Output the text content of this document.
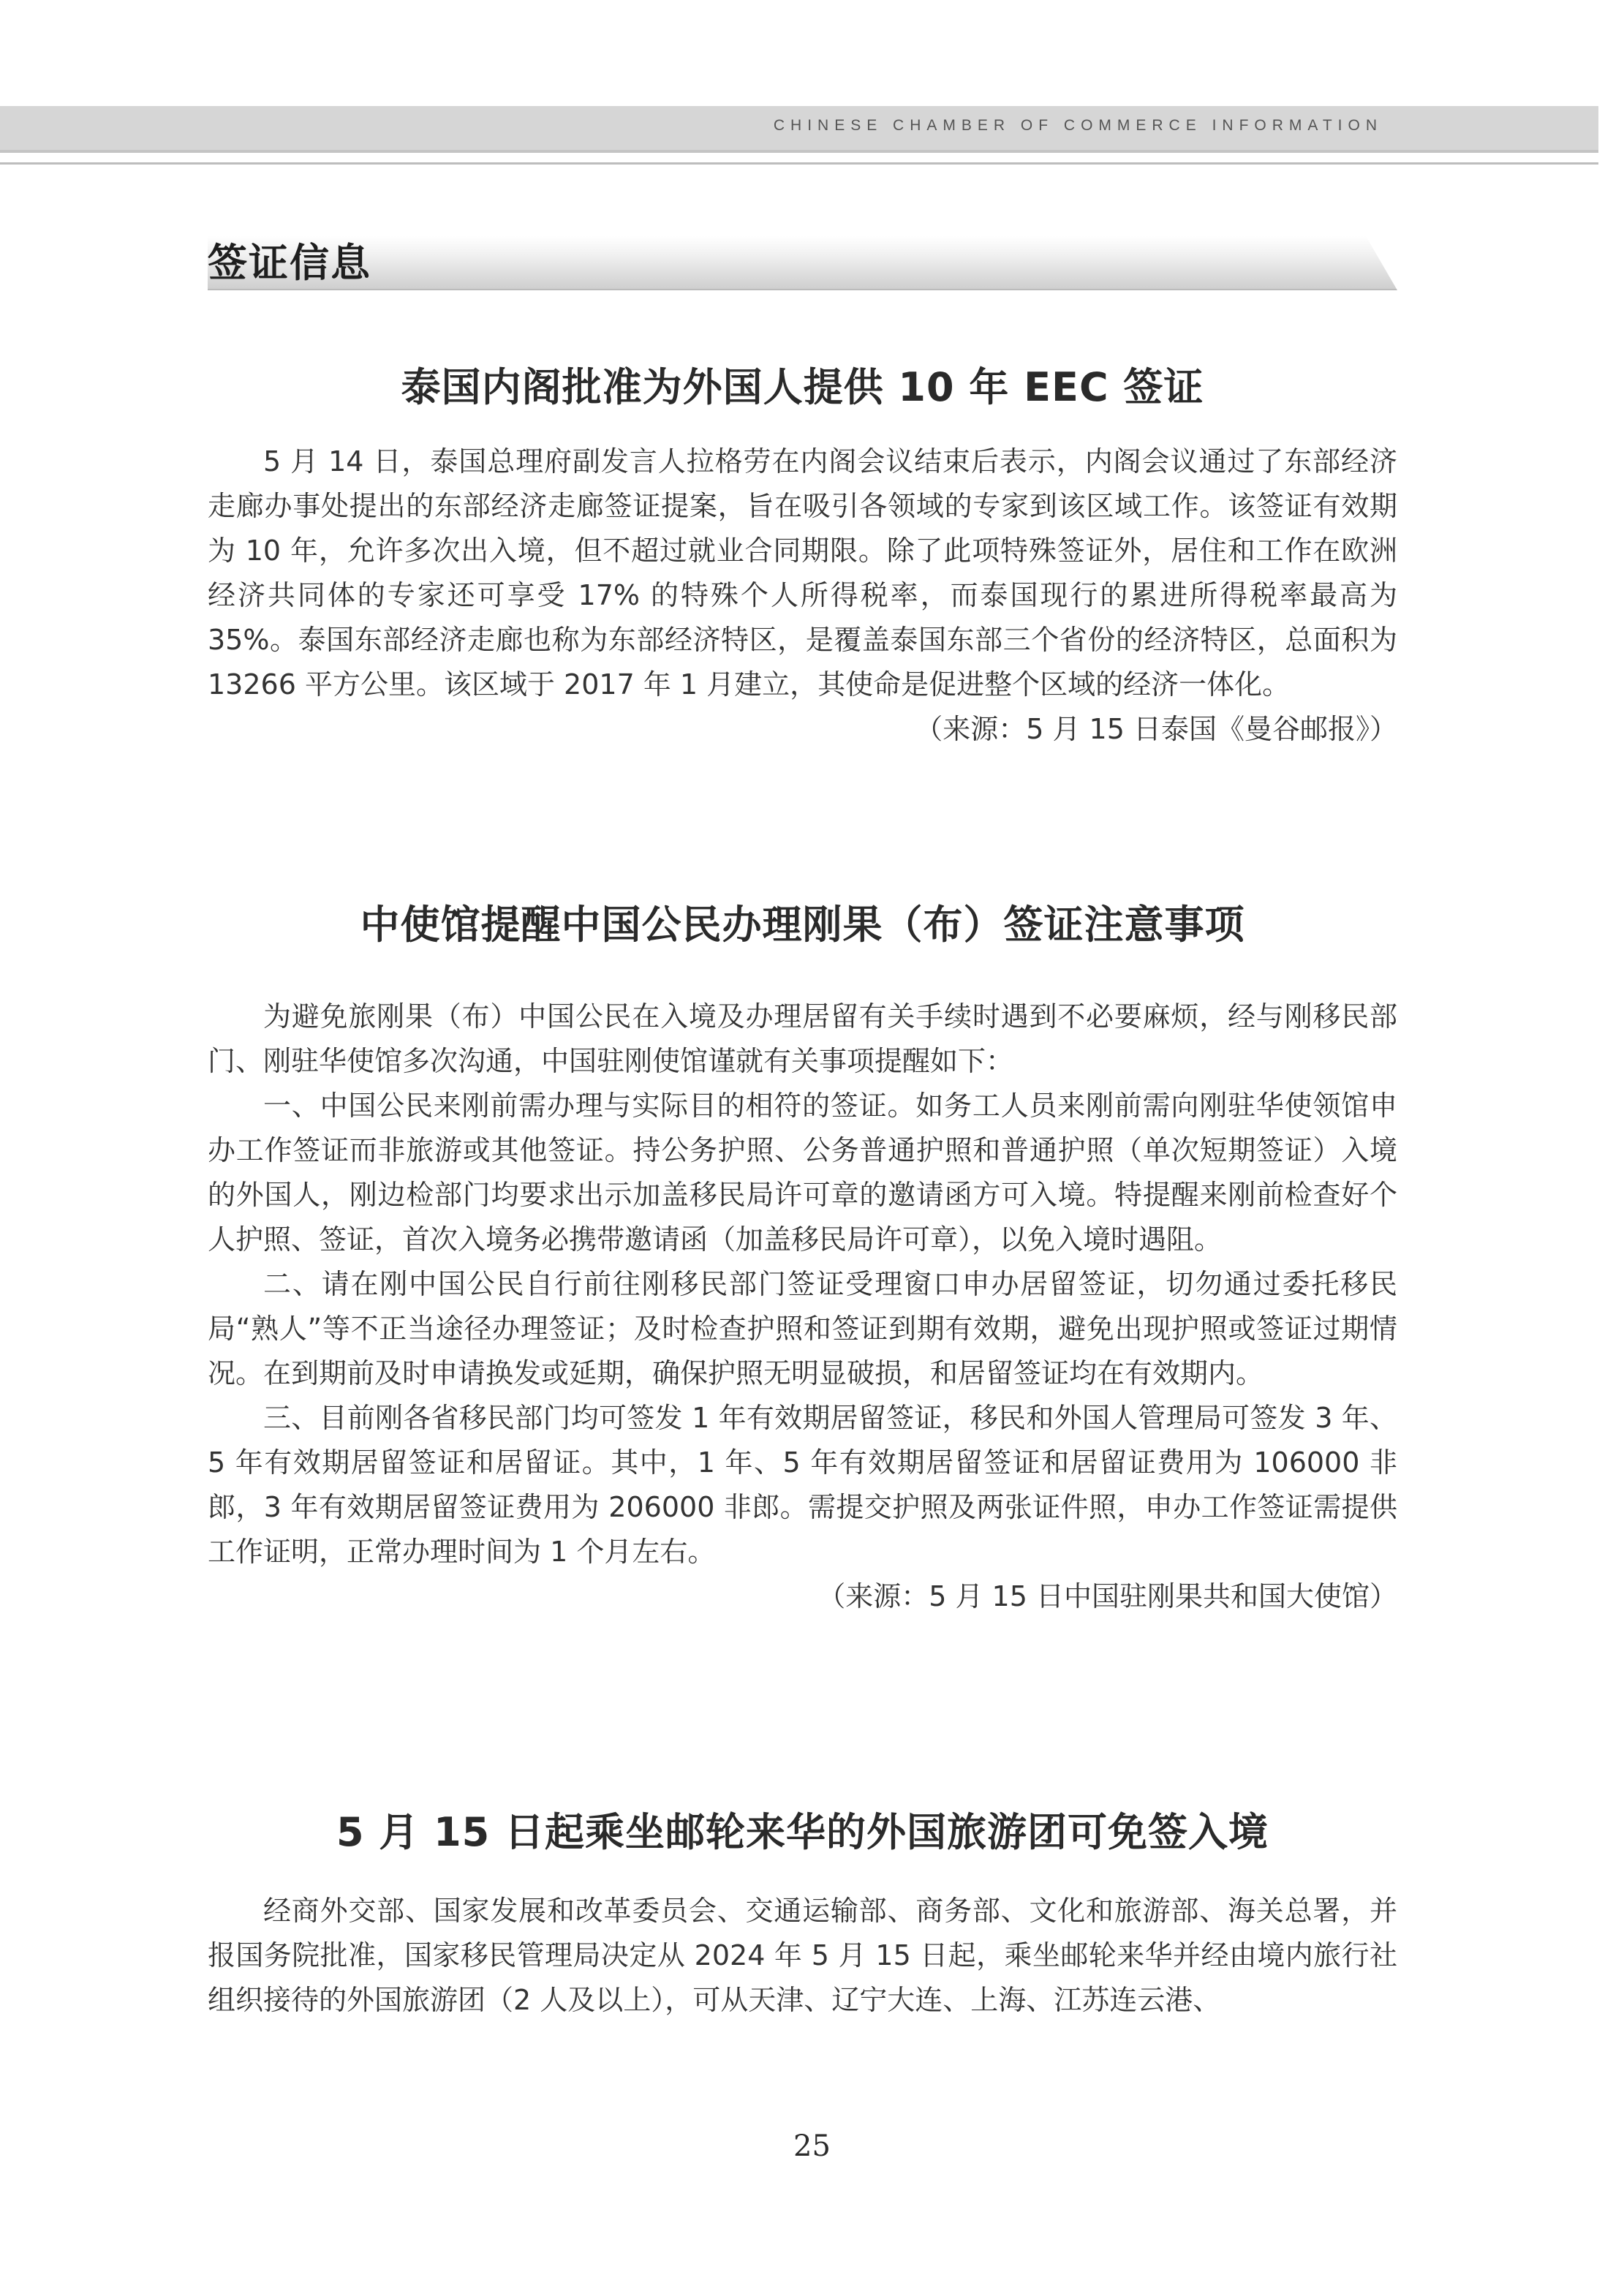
CHINESE CHAMBER OF COMMERCE INFORMATION
签证信息
泰国内阁批准为外国人提供 10 年 EEC 签证

5 月 14 日，泰国总理府副发言人拉格劳在内阁会议结束后表示，内阁会议通过了东部经济走廊办事处提出的东部经济走廊签证提案，旨在吸引各领域的专家到该区域工作。该签证有效期为 10 年，允许多次出入境，但不超过就业合同期限。除了此项特殊签证外，居住和工作在欧洲经济共同体的专家还可享受 17% 的特殊个人所得税率，而泰国现行的累进所得税率最高为 35%。泰国东部经济走廊也称为东部经济特区，是覆盖泰国东部三个省份的经济特区，总面积为 13266 平方公里。该区域于 2017 年 1 月建立，其使命是促进整个区域的经济一体化。

（来源：5 月 15 日泰国《曼谷邮报》）
中使馆提醒中国公民办理刚果（布）签证注意事项

为避免旅刚果（布）中国公民在入境及办理居留有关手续时遇到不必要麻烦，经与刚移民部门、刚驻华使馆多次沟通，中国驻刚使馆谨就有关事项提醒如下：

一、中国公民来刚前需办理与实际目的相符的签证。如务工人员来刚前需向刚驻华使领馆申办工作签证而非旅游或其他签证。持公务护照、公务普通护照和普通护照（单次短期签证）入境的外国人，刚边检部门均要求出示加盖移民局许可章的邀请函方可入境。特提醒来刚前检查好个人护照、签证，首次入境务必携带邀请函（加盖移民局许可章），以免入境时遇阻。

二、请在刚中国公民自行前往刚移民部门签证受理窗口申办居留签证，切勿通过委托移民局“熟人”等不正当途径办理签证；及时检查护照和签证到期有效期，避免出现护照或签证过期情况。在到期前及时申请换发或延期，确保护照无明显破损，和居留签证均在有效期内。

三、目前刚各省移民部门均可签发 1 年有效期居留签证，移民和外国人管理局可签发 3 年、5 年有效期居留签证和居留证。其中，1 年、5 年有效期居留签证和居留证费用为 106000 非郎，3 年有效期居留签证费用为 206000 非郎。需提交护照及两张证件照，申办工作签证需提供工作证明，正常办理时间为 1 个月左右。

（来源：5 月 15 日中国驻刚果共和国大使馆）
5 月 15 日起乘坐邮轮来华的外国旅游团可免签入境

经商外交部、国家发展和改革委员会、交通运输部、商务部、文化和旅游部、海关总署，并报国务院批准，国家移民管理局决定从 2024 年 5 月 15 日起，乘坐邮轮来华并经由境内旅行社组织接待的外国旅游团（2 人及以上），可从天津、辽宁大连、上海、江苏连云港、

25
